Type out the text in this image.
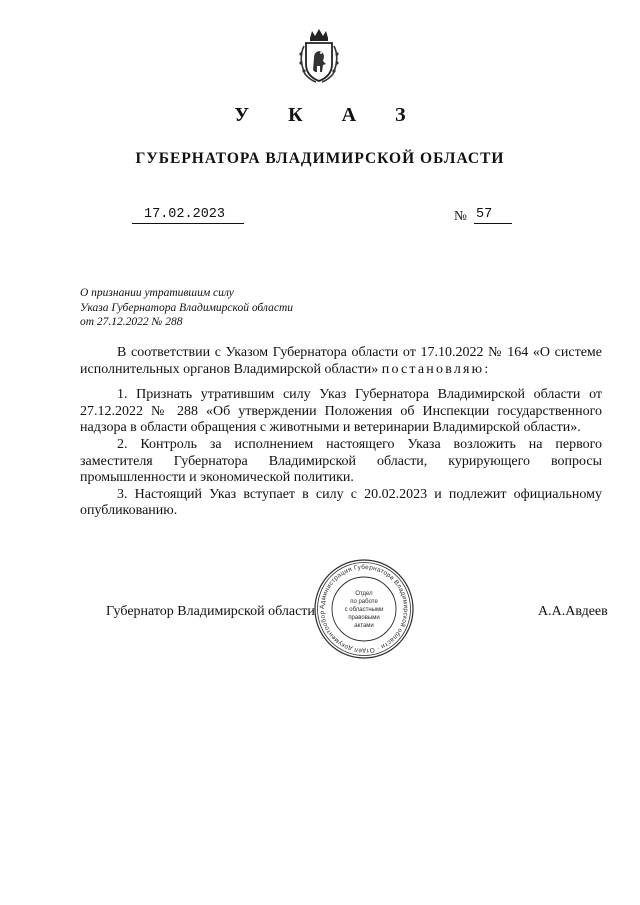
У К А З
ГУБЕРНАТОРА ВЛАДИМИРСКОЙ ОБЛАСТИ
17.02.2023	№ 57
О признании утратившим силу
Указа Губернатора Владимирской области
от 27.12.2022 № 288

В соответствии с Указом Губернатора области от 17.10.2022 № 164 «О системе исполнительных органов Владимирской области» постановляю:

1. Признать утратившим силу Указ Губернатора Владимирской области от 27.12.2022 № 288 «Об утверждении Положения об Инспекции государственного надзора в области обращения с животными и ветеринарии Владимирской области».

2. Контроль за исполнением настоящего Указа возложить на первого заместителя Губернатора Владимирской области, курирующего вопросы промышленности и экономической политики.

3. Настоящий Указ вступает в силу с 20.02.2023 и подлежит официальному опубликованию.

Губернатор Владимирской области	А.А.Авдеев
Администрация Губернатора Владимирской области · Отдел документообор
Отдел
по работе
с областными
правовыми
актами
